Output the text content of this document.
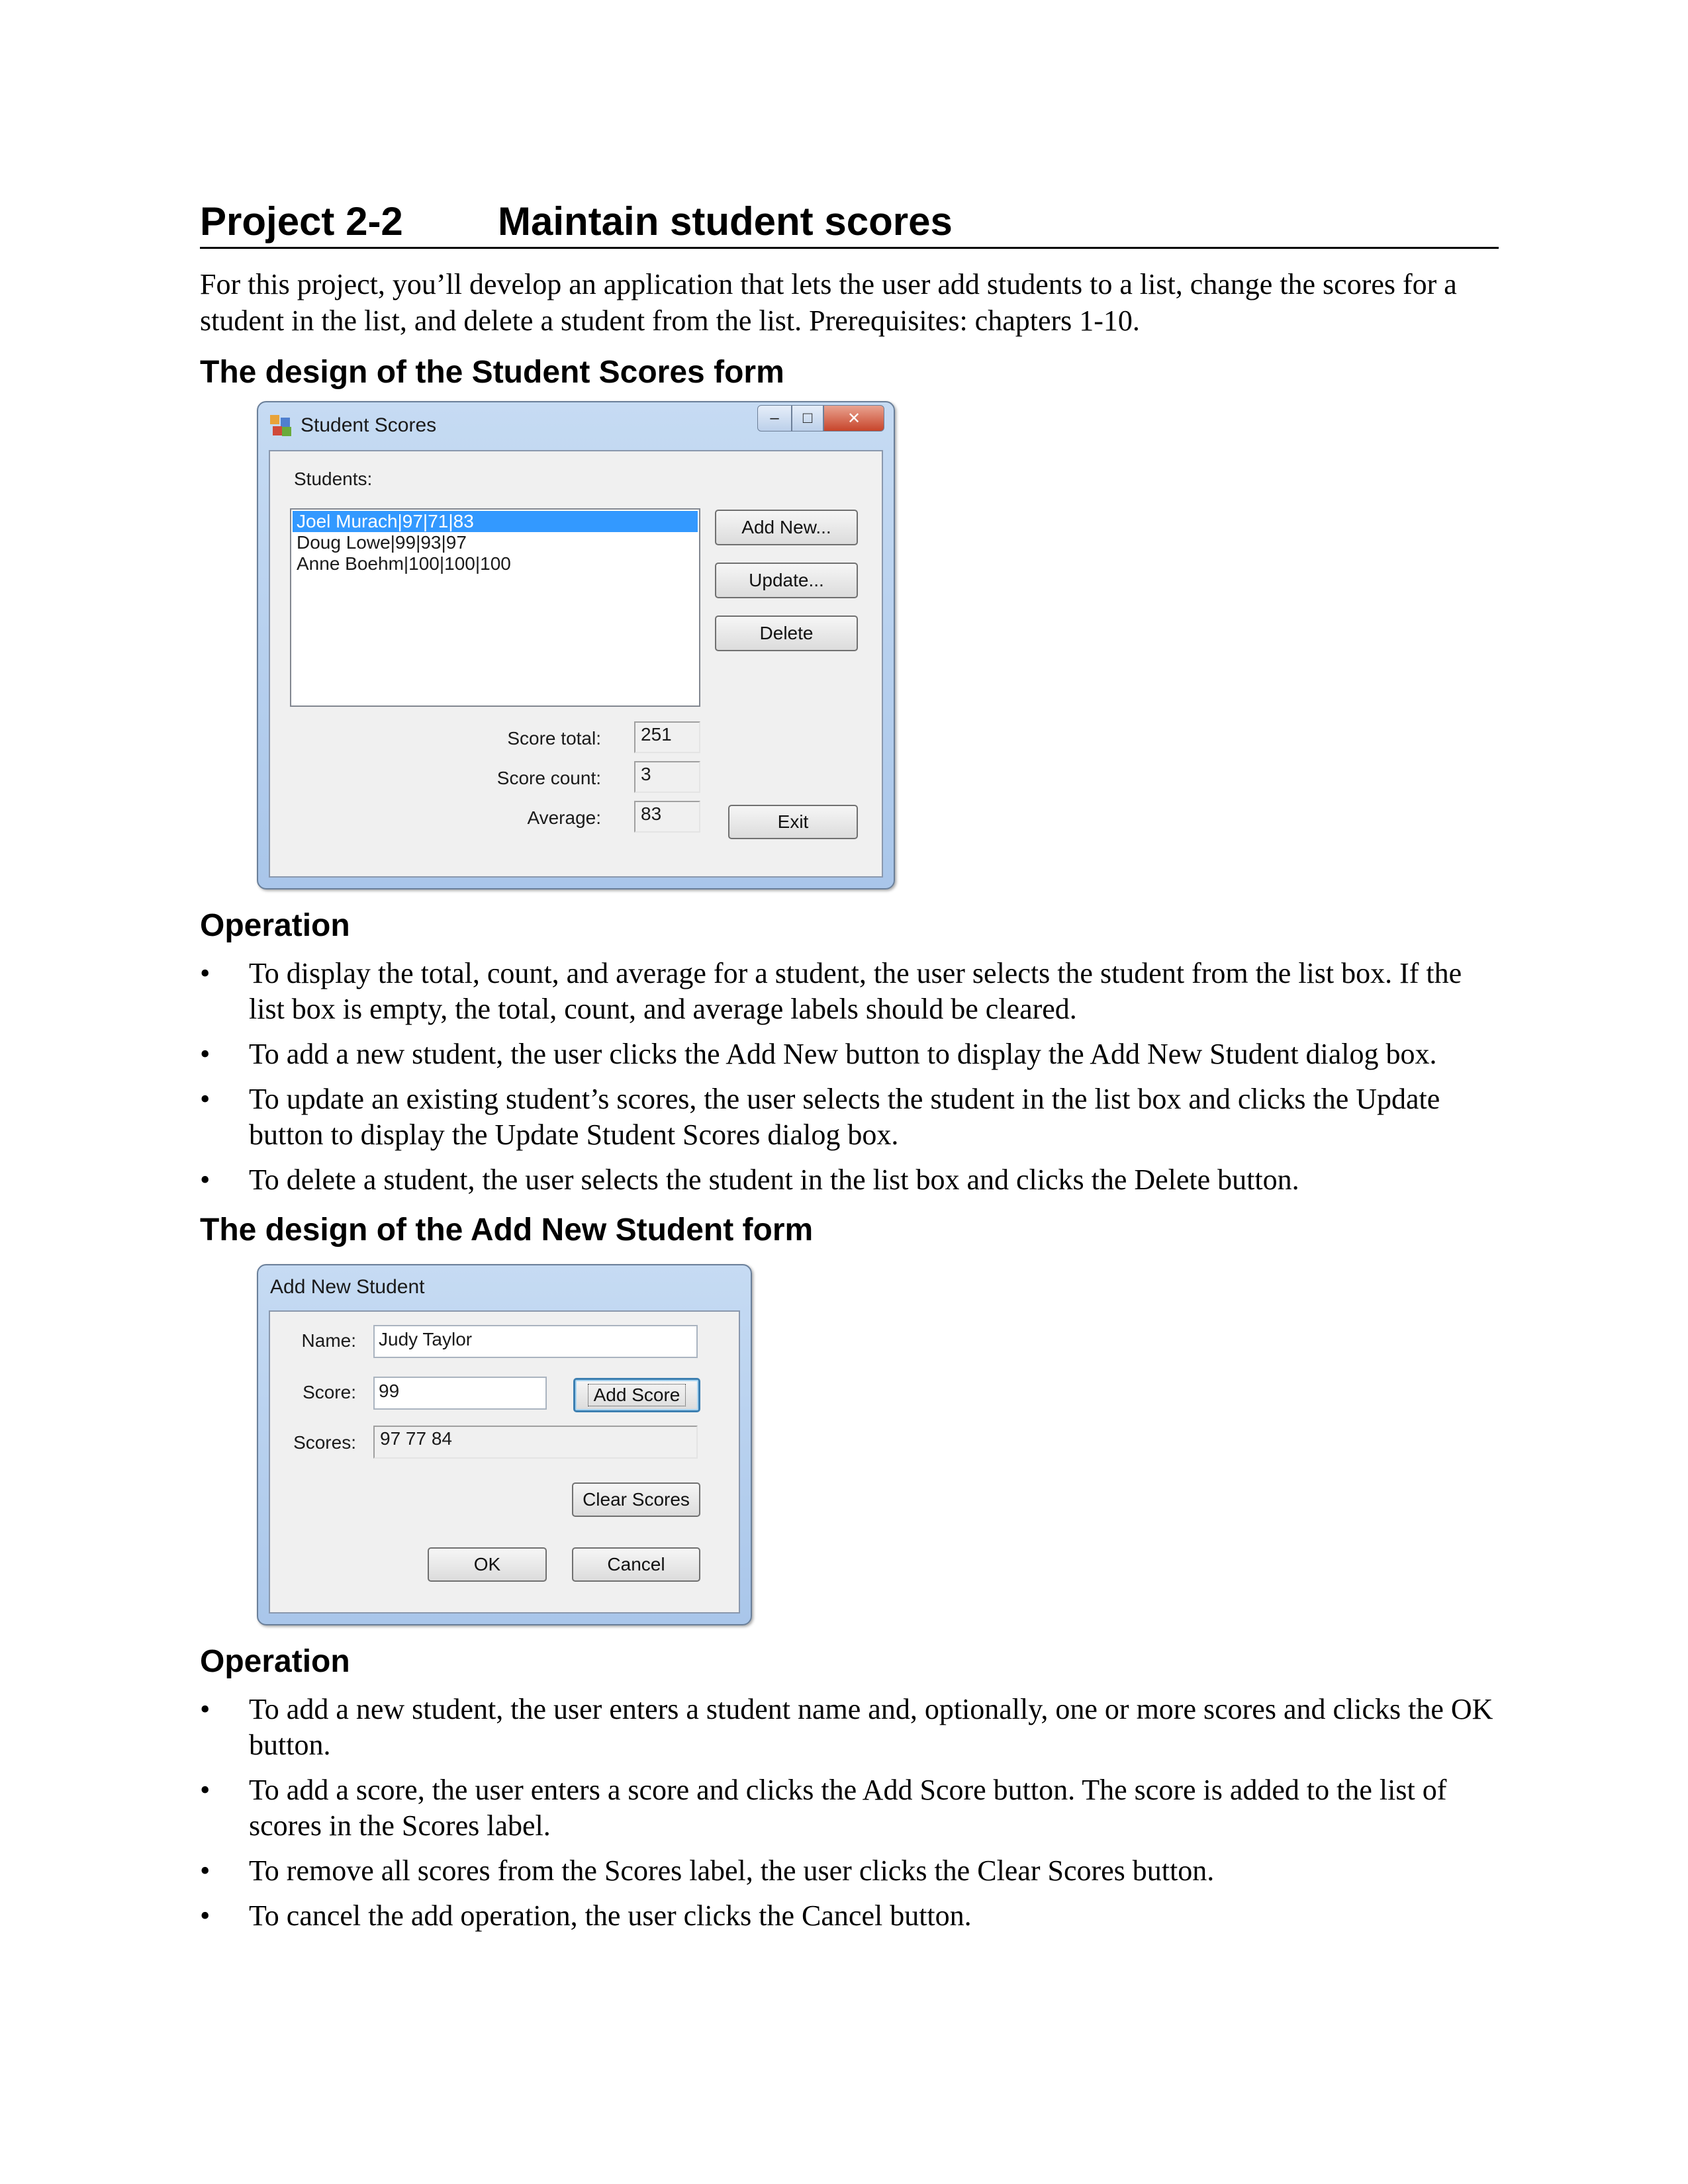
Project 2-2	Maintain student scores

For this project, you’ll develop an application that lets the user add students to a list, change the scores for a student in the list, and delete a student from the list. Prerequisites: chapters 1-10.

The design of the Student Scores form
Student Scores	–	□	✕
Students:
Joel Murach|97|71|83
Doug Lowe|99|93|97
Anne Boehm|100|100|100
Add New...
Update...
Delete
Score total:	251
Score count:	3
Average:	83	Exit
Operation
• To display the total, count, and average for a student, the user selects the student from the list box. If the list box is empty, the total, count, and average labels should be cleared.
• To add a new student, the user clicks the Add New button to display the Add New Student dialog box.
• To update an existing student’s scores, the user selects the student in the list box and clicks the Update button to display the Update Student Scores dialog box.
• To delete a student, the user selects the student in the list box and clicks the Delete button.
The design of the Add New Student form
Add New Student
Name: Judy Taylor
Score: 99	Add Score
Scores:	97 77 84
Clear Scores
OK	Cancel
Operation
• To add a new student, the user enters a student name and, optionally, one or more scores and clicks the OK button.
• To add a score, the user enters a score and clicks the Add Score button. The score is added to the list of scores in the Scores label.
• To remove all scores from the Scores label, the user clicks the Clear Scores button.
• To cancel the add operation, the user clicks the Cancel button.
